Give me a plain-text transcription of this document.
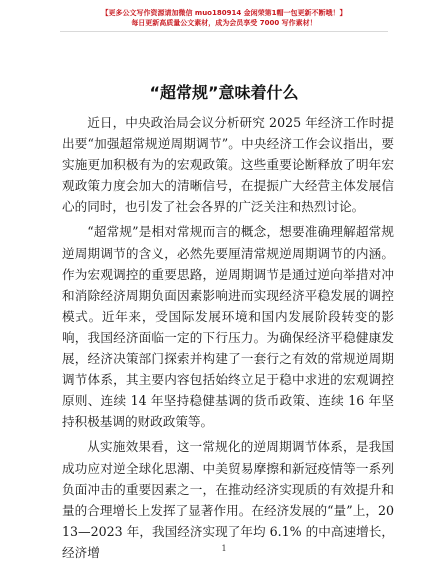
【更多公文写作资源请加微信 muo180914 金闲荣第1帽一包更新不断哦！】
每日更新高质量公文素材，成为会员享受 7000 写作素材！
“超常规”意味着什么

近日，中央政治局会议分析研究 2025 年经济工作时提出要“加强超常规逆周期调节”。中央经济工作会议指出，要实施更加积极有为的宏观政策。这些重要论断释放了明年宏观政策力度会加大的清晰信号，在提振广大经营主体发展信心的同时，也引发了社会各界的广泛关注和热烈讨论。

“超常规”是相对常规而言的概念，想要准确理解超常规逆周期调节的含义，必然先要厘清常规逆周期调节的内涵。作为宏观调控的重要思路，逆周期调节是通过逆向举措对冲和消除经济周期负面因素影响进而实现经济平稳发展的调控模式。近年来，受国际发展环境和国内发展阶段转变的影响，我国经济面临一定的下行压力。为确保经济平稳健康发展，经济决策部门探索并构建了一套行之有效的常规逆周期调节体系，其主要内容包括始终立足于稳中求进的宏观调控原则、连续 14 年坚持稳健基调的货币政策、连续 16 年坚持积极基调的财政政策等。

从实施效果看，这一常规化的逆周期调节体系，是我国成功应对逆全球化思潮、中美贸易摩擦和新冠疫情等一系列负面冲击的重要因素之一，在推动经济实现质的有效提升和量的合理增长上发挥了显著作用。在经济发展的“量”上，2013—2023 年，我国经济实现了年均 6.1% 的中高速增长，经济增	1
